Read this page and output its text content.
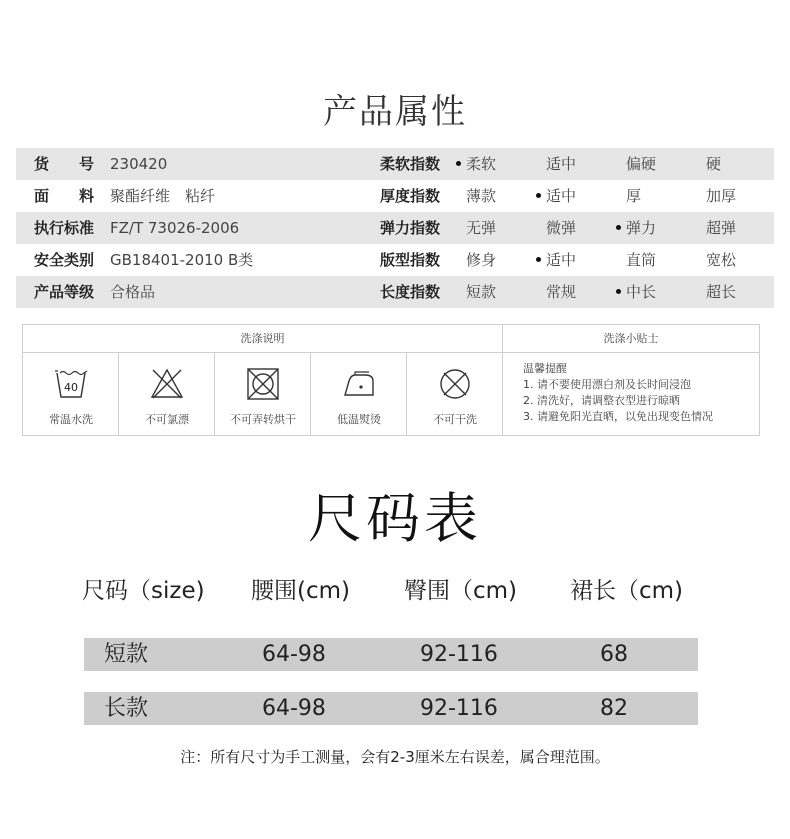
产品属性
货 号 230420	柔软指数 柔软	适中	偏硬	硬
面 料 聚酯纤维　粘纤	厚度指数 薄款	适中	厚	加厚
执行标准 FZ/T 73026-2006	弹力指数 无弹	微弹	弹力	超弹
安全类别 GB18401-2010 B类	版型指数 修身	适中	直筒	宽松
产品等级 合格品	长度指数 短款	常规	中长	超长
洗涤说明	洗涤小贴士
40
常温水洗	不可氯漂	不可弄转烘干	低温熨烫	不可干洗
温馨提醒
1. 请不要使用漂白剂及长时间浸泡
2. 清洗好，请调整衣型进行晾晒
3. 请避免阳光直晒，以免出现变色情况
尺码表
尺码（size) 腰围(cm) 臀围（cm) 裙长（cm)
短款	64-98	92-116	68
长款	64-98	92-116	82
注：所有尺寸为手工测量，会有2-3厘米左右误差，属合理范围。
